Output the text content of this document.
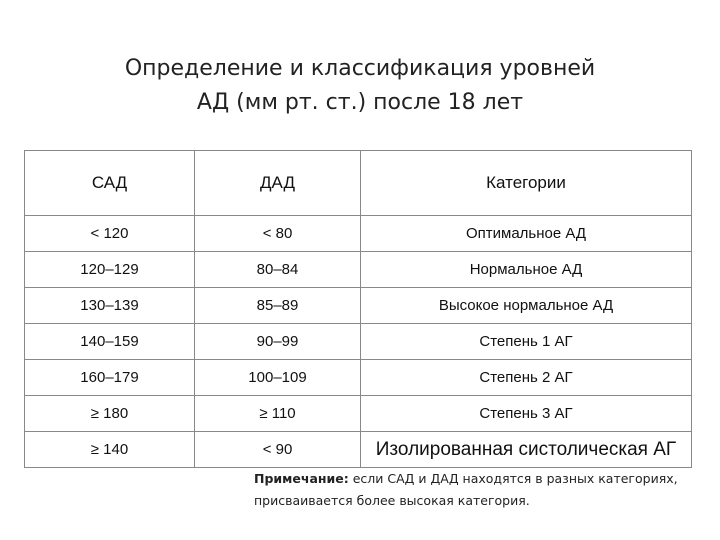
Определение и классификация уровней
АД (мм рт. ст.) после 18 лет
САД	ДАД	Категории
< 120	< 80	Оптимальное АД
120–129	80–84	Нормальное АД
130–139	85–89	Высокое нормальное АД
140–159	90–99	Степень 1 АГ
160–179	100–109	Степень 2 АГ
≥ 180	≥ 110	Степень 3 АГ
≥ 140	< 90	Изолированная систолическая АГ
Примечание: если САД и ДАД находятся в разных категориях,
присваивается более высокая категория.
